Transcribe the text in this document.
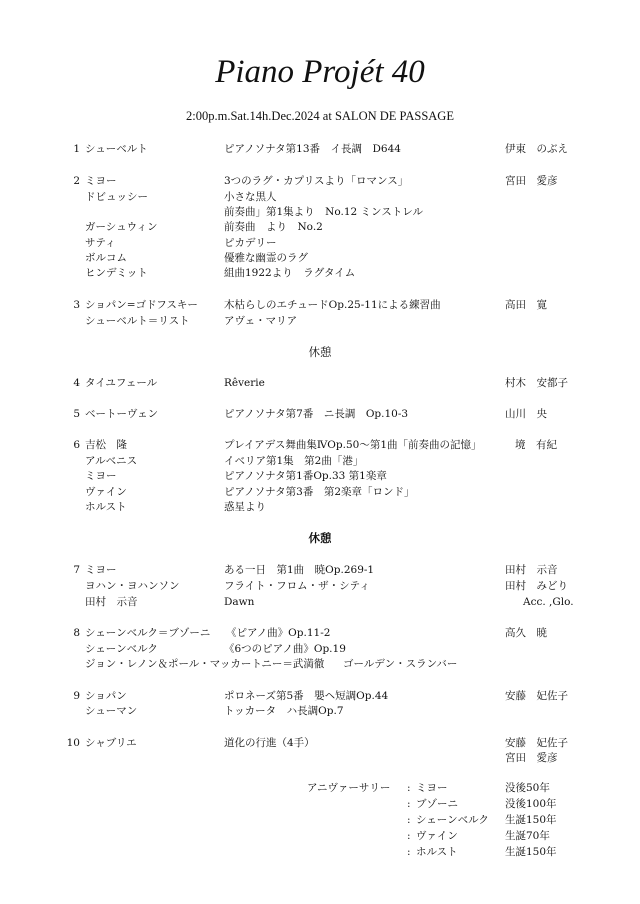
Piano Projét 40
2:00p.m.Sat.14h.Dec.2024 at SALON DE PASSAGE
1 シューベルト	ピアノソナタ第13番　イ長調　D644	伊東　のぶえ
2 ミヨー	3つのラグ・カプリスより「ロマンス」	宮田　愛彦
ドビュッシー	小さな黒人
前奏曲」第1集より　No.12 ミンストレル
ガーシュウィン	前奏曲　より　No.2
サティ	ピカデリー
ボルコム	優雅な幽霊のラグ
ヒンデミット	組曲1922より　ラグタイム
3 ショパン=ゴドフスキー 木枯らしのエチュードOp.25-11による練習曲	高田　寛
シューベルト＝リスト	アヴェ・マリア
休憩
4 タイユフェール	Rêverie	村木　安都子
5 ベートーヴェン	ピアノソナタ第7番　ニ長調　Op.10-3	山川　央
6 吉松　隆	プレイアデス舞曲集ⅣOp.50～第1曲「前奏曲の記憶」	境　有紀
アルベニス	イベリア第1集　第2曲「港」
ミヨー	ピアノソナタ第1番Op.33 第1楽章
ヴァイン	ピアノソナタ第3番　第2楽章「ロンド」
ホルスト	惑星より
休憩
7 ミヨー	ある一日　第1曲　暁Op.269-1	田村　示音
ヨハン・ヨハンソン	フライト・フロム・ザ・シティ	田村　みどり
田村　示音	Dawn	Acc. ,Glo.
8 シェーンベルク＝ブゾーニ 《ピアノ曲》Op.11-2	高久　暁
シェーンベルク	《6つのピアノ曲》Op.19
ジョン・レノン＆ポール・マッカートニー＝武満徹 ゴールデン・スランバー
9 ショパン	ポロネーズ第5番　嬰ヘ短調Op.44	安藤　妃佐子
シューマン	トッカータ　ハ長調Op.7
10 シャブリエ	道化の行進（4手）	安藤　妃佐子
宮田　愛彦
アニヴァーサリー : ミヨー	没後50年
: ブゾーニ	没後100年
: シェーンベルク 生誕150年
: ヴァイン	生誕70年
: ホルスト	生誕150年
